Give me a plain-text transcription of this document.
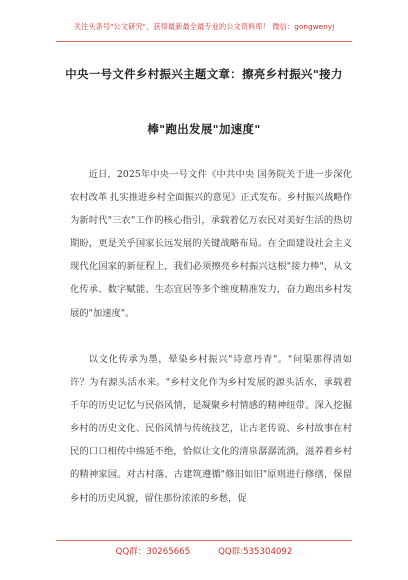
关注头条号"公文研究"，获得最新最全最专业的公文资料库！ 微信：gongwenyj
中央一号文件乡村振兴主题文章：擦亮乡村振兴"接力
棒"跑出发展"加速度"

近日，2025年中央一号文件《中共中央 国务院关于进一步深化农村改革 扎实推进乡村全面振兴的意见》正式发布。乡村振兴战略作为新时代"三农"工作的核心指引，承载着亿万农民对美好生活的热切期盼，更是关乎国家长远发展的关键战略布局。在全面建设社会主义现代化国家的新征程上，我们必须擦亮乡村振兴这根"接力棒"，从文化传承、数字赋能、生态宜居等多个维度精准发力，奋力跑出乡村发展的"加速度"。

以文化传承为墨，晕染乡村振兴"诗意丹青"。"问渠那得清如许？为有源头活水来。"乡村文化作为乡村发展的源头活水，承载着千年的历史记忆与民俗风情，是凝聚乡村情感的精神纽带。深入挖掘乡村的历史文化、民俗风情与传统技艺，让古老传说、乡村故事在村民的口口相传中绵延不绝，恰似让文化的清泉潺潺流淌，滋养着乡村的精神家园。对古村落、古建筑遵循"修旧如旧"原则进行修缮，保留乡村的历史风貌，留住那份浓浓的乡愁，促

QQ群：30265665	QQ群:535304092
